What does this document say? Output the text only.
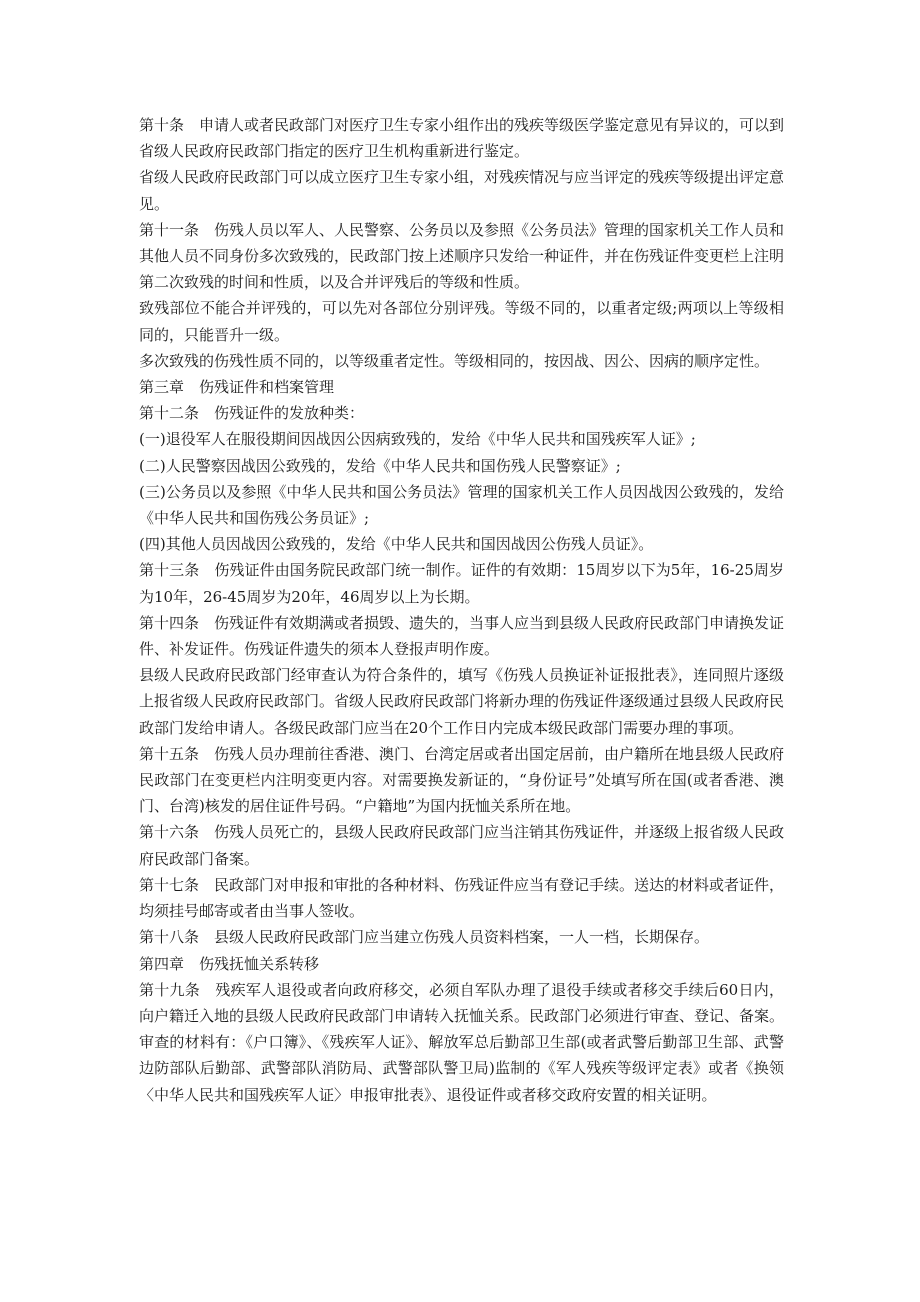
第十条　申请人或者民政部门对医疗卫生专家小组作出的残疾等级医学鉴定意见有异议的，可以到省级人民政府民政部门指定的医疗卫生机构重新进行鉴定。

省级人民政府民政部门可以成立医疗卫生专家小组，对残疾情况与应当评定的残疾等级提出评定意见。

第十一条　伤残人员以军人、人民警察、公务员以及参照《公务员法》管理的国家机关工作人员和其他人员不同身份多次致残的，民政部门按上述顺序只发给一种证件，并在伤残证件变更栏上注明第二次致残的时间和性质，以及合并评残后的等级和性质。

致残部位不能合并评残的，可以先对各部位分别评残。等级不同的，以重者定级;两项以上等级相同的，只能晋升一级。

多次致残的伤残性质不同的，以等级重者定性。等级相同的，按因战、因公、因病的顺序定性。

第三章　伤残证件和档案管理

第十二条　伤残证件的发放种类：

(一)退役军人在服役期间因战因公因病致残的，发给《中华人民共和国残疾军人证》;

(二)人民警察因战因公致残的，发给《中华人民共和国伤残人民警察证》;

(三)公务员以及参照《中华人民共和国公务员法》管理的国家机关工作人员因战因公致残的，发给《中华人民共和国伤残公务员证》;

(四)其他人员因战因公致残的，发给《中华人民共和国因战因公伤残人员证》。

第十三条　伤残证件由国务院民政部门统一制作。证件的有效期：15周岁以下为5年，16-25周岁为10年，26-45周岁为20年，46周岁以上为长期。

第十四条　伤残证件有效期满或者损毁、遗失的，当事人应当到县级人民政府民政部门申请换发证件、补发证件。伤残证件遗失的须本人登报声明作废。

县级人民政府民政部门经审查认为符合条件的，填写《伤残人员换证补证报批表》，连同照片逐级上报省级人民政府民政部门。省级人民政府民政部门将新办理的伤残证件逐级通过县级人民政府民政部门发给申请人。各级民政部门应当在20个工作日内完成本级民政部门需要办理的事项。

第十五条　伤残人员办理前往香港、澳门、台湾定居或者出国定居前，由户籍所在地县级人民政府民政部门在变更栏内注明变更内容。对需要换发新证的，“身份证号”处填写所在国(或者香港、澳门、台湾)核发的居住证件号码。“户籍地”为国内抚恤关系所在地。

第十六条　伤残人员死亡的，县级人民政府民政部门应当注销其伤残证件，并逐级上报省级人民政府民政部门备案。

第十七条　民政部门对申报和审批的各种材料、伤残证件应当有登记手续。送达的材料或者证件，均须挂号邮寄或者由当事人签收。

第十八条　县级人民政府民政部门应当建立伤残人员资料档案，一人一档，长期保存。

第四章　伤残抚恤关系转移

第十九条　残疾军人退役或者向政府移交，必须自军队办理了退役手续或者移交手续后60日内，向户籍迁入地的县级人民政府民政部门申请转入抚恤关系。民政部门必须进行审查、登记、备案。审查的材料有：《户口簿》、《残疾军人证》、解放军总后勤部卫生部(或者武警后勤部卫生部、武警边防部队后勤部、武警部队消防局、武警部队警卫局)监制的《军人残疾等级评定表》或者《换领〈中华人民共和国残疾军人证〉申报审批表》、退役证件或者移交政府安置的相关证明。
